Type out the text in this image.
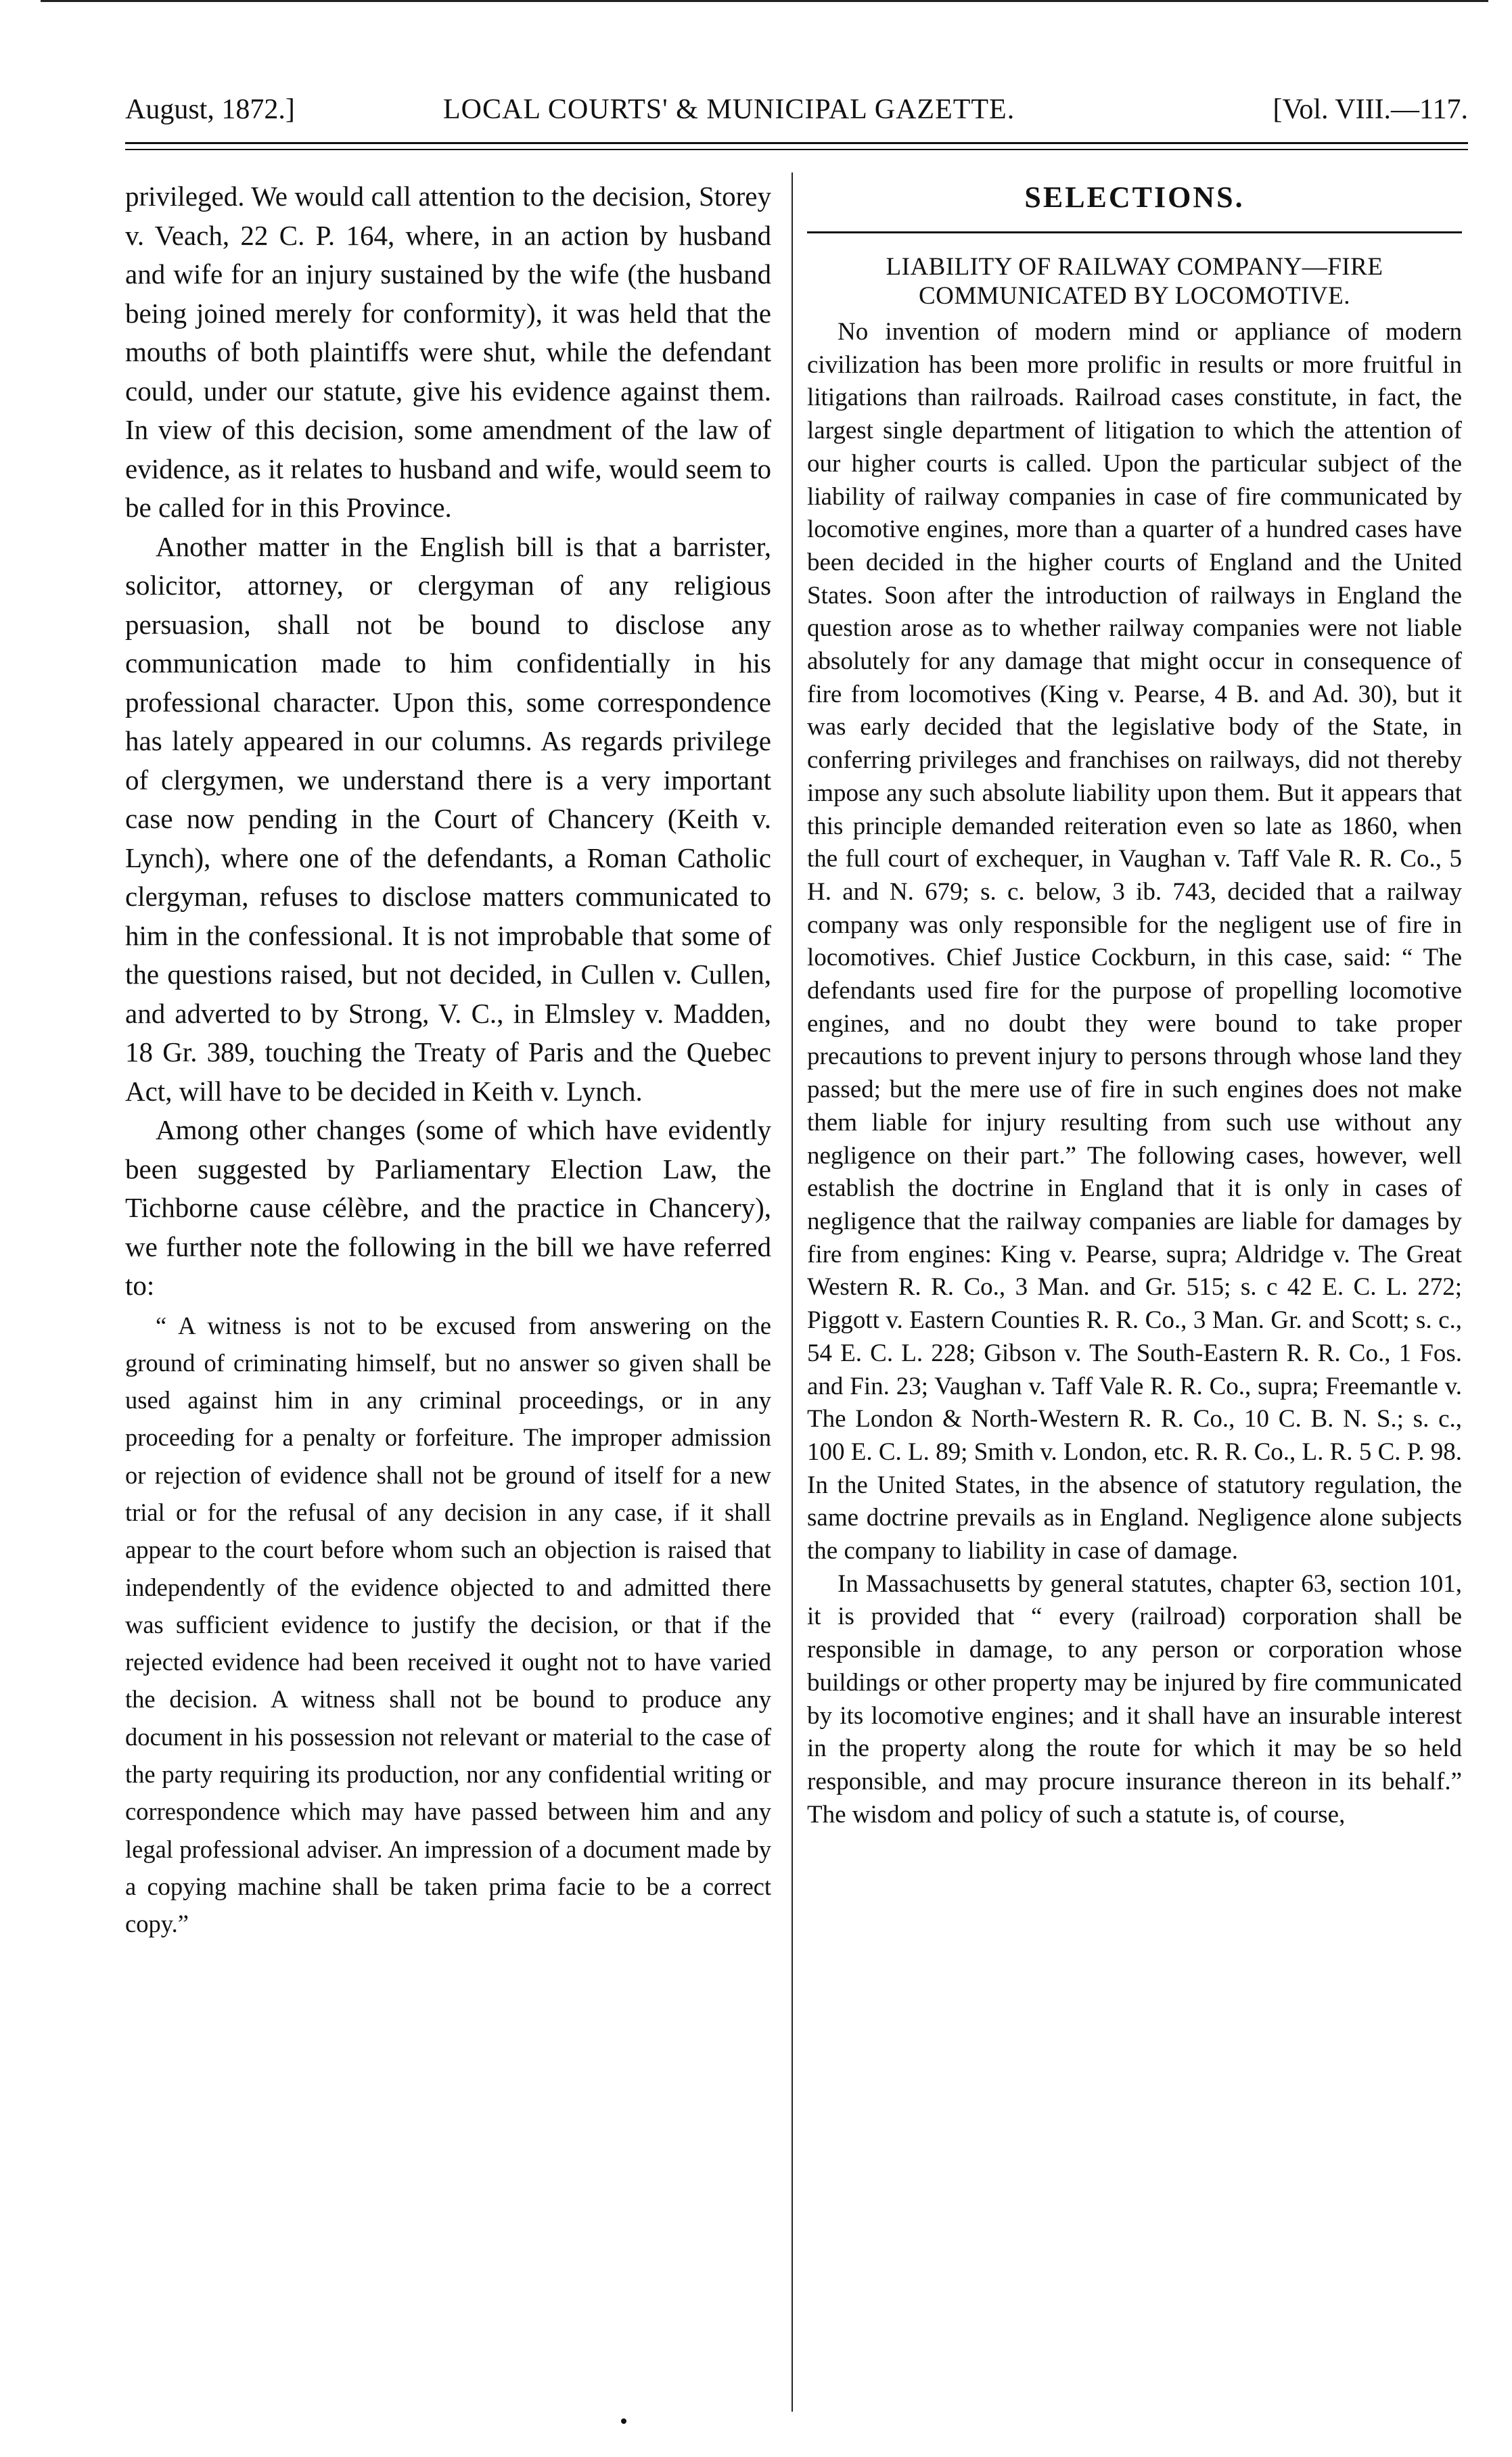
August, 1872.]	LOCAL COURTS' & MUNICIPAL GAZETTE.	[Vol. VIII.—117.

privileged. We would call attention to the decision, Storey v. Veach, 22 C. P. 164, where, in an action by husband and wife for an injury sustained by the wife (the husband being joined merely for conformity), it was held that the mouths of both plaintiffs were shut, while the defendant could, under our statute, give his evidence against them. In view of this decision, some amendment of the law of evidence, as it relates to husband and wife, would seem to be called for in this Province.

Another matter in the English bill is that a barrister, solicitor, attorney, or clergyman of any religious persuasion, shall not be bound to disclose any communication made to him confidentially in his professional character. Upon this, some correspondence has lately appeared in our columns. As regards privilege of clergymen, we understand there is a very important case now pending in the Court of Chancery (Keith v. Lynch), where one of the defendants, a Roman Catholic clergyman, refuses to disclose matters communicated to him in the confessional. It is not improbable that some of the questions raised, but not decided, in Cullen v. Cullen, and adverted to by Strong, V. C., in Elmsley v. Madden, 18 Gr. 389, touching the Treaty of Paris and the Quebec Act, will have to be decided in Keith v. Lynch.

Among other changes (some of which have evidently been suggested by Parliamentary Election Law, the Tichborne cause célèbre, and the practice in Chancery), we further note the following in the bill we have referred to:

“ A witness is not to be excused from answering on the ground of criminating himself, but no answer so given shall be used against him in any criminal proceedings, or in any proceeding for a penalty or forfeiture. The improper admission or rejection of evidence shall not be ground of itself for a new trial or for the refusal of any decision in any case, if it shall appear to the court before whom such an objection is raised that independently of the evidence objected to and admitted there was sufficient evidence to justify the decision, or that if the rejected evidence had been received it ought not to have varied the decision. A witness shall not be bound to produce any document in his possession not relevant or material to the case of the party requiring its production, nor any confidential writing or correspondence which may have passed between him and any legal professional adviser. An impression of a document made by a copying machine shall be taken prima facie to be a correct copy.”

SELECTIONS.

LIABILITY OF RAILWAY COMPANY—FIRE COMMUNICATED BY LOCOMOTIVE.

No invention of modern mind or appliance of modern civilization has been more prolific in results or more fruitful in litigations than railroads. Railroad cases constitute, in fact, the largest single department of litigation to which the attention of our higher courts is called. Upon the particular subject of the liability of railway companies in case of fire communicated by locomotive engines, more than a quarter of a hundred cases have been decided in the higher courts of England and the United States. Soon after the introduction of railways in England the question arose as to whether railway companies were not liable absolutely for any damage that might occur in consequence of fire from locomotives (King v. Pearse, 4 B. and Ad. 30), but it was early decided that the legislative body of the State, in conferring privileges and franchises on railways, did not thereby impose any such absolute liability upon them. But it appears that this principle demanded reiteration even so late as 1860, when the full court of exchequer, in Vaughan v. Taff Vale R. R. Co., 5 H. and N. 679; s. c. below, 3 ib. 743, decided that a railway company was only responsible for the negligent use of fire in locomotives. Chief Justice Cockburn, in this case, said: “ The defendants used fire for the purpose of propelling locomotive engines, and no doubt they were bound to take proper precautions to prevent injury to persons through whose land they passed; but the mere use of fire in such engines does not make them liable for injury resulting from such use without any negligence on their part.” The following cases, however, well establish the doctrine in England that it is only in cases of negligence that the railway companies are liable for damages by fire from engines: King v. Pearse, supra; Aldridge v. The Great Western R. R. Co., 3 Man. and Gr. 515; s. c 42 E. C. L. 272; Piggott v. Eastern Counties R. R. Co., 3 Man. Gr. and Scott; s. c., 54 E. C. L. 228; Gibson v. The South-Eastern R. R. Co., 1 Fos. and Fin. 23; Vaughan v. Taff Vale R. R. Co., supra; Freemantle v. The London & North-Western R. R. Co., 10 C. B. N. S.; s. c., 100 E. C. L. 89; Smith v. London, etc. R. R. Co., L. R. 5 C. P. 98. In the United States, in the absence of statutory regulation, the same doctrine prevails as in England. Negligence alone subjects the company to liability in case of damage.

In Massachusetts by general statutes, chapter 63, section 101, it is provided that “ every (railroad) corporation shall be responsible in damage, to any person or corporation whose buildings or other property may be injured by fire communicated by its locomotive engines; and it shall have an insurable interest in the property along the route for which it may be so held responsible, and may procure insurance thereon in its behalf.” The wisdom and policy of such a statute is, of course,
